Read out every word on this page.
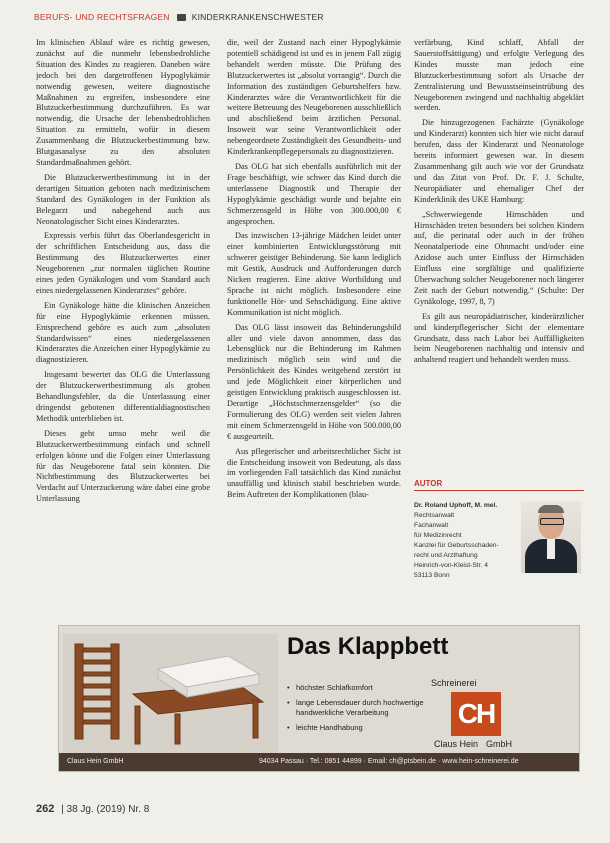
BERUFS- UND RECHTSFRAGEN	KINDERKRANKENSCHWESTER

Im klinischen Ablauf wäre es richtig gewesen, zunächst auf die nunmehr lebensbedrohliche Situation des Kindes zu reagieren. Daneben wäre jedoch bei den dargetroffenen Hypoglykämie notwendig gewesen, weitere diagnostische Maßnahmen zu ergreifen, insbesondere eine Blutzuckerbestimmung durchzuführen. Es war notwendig, die Ursache der lebensbedrohlichen Situation zu ermitteln, wofür in diesem Zusammenhang die Blutzuckerbestimmung bzw. Blutgasanalyse zu den absoluten Standardmaßnahmen gehört.

Die Blutzuckerwertbestimmung ist in der derartigen Situation geboten nach medizinischem Standard des Gynäkologen in der Funktion als Belegarzt und nahegehend auch aus Neonatologischer Sicht eines Kinderarztes.

Expressis verbis führt das Oberlandesgericht in der schriftlichen Entscheidung aus, dass die Bestimmung des Blutzuckerwertes einer Neugeborenen „zur normalen täglichen Routine eines jeden Gynäkologen und vom Standard auch eines niedergelassenen Kinderarztes“ gehöre.

Ein Gynäkologe hätte die klinischen Anzeichen für eine Hypoglykämie erkennen müssen. Entsprechend gehöre es auch zum „absoluten Standardwissen“ eines niedergelassenen Kinderarztes die Anzeichen einer Hypoglykämie zu diagnostizieren.

Insgesamt bewertet das OLG die Unterlassung der Blutzuckerwertbestimmung als groben Behandlungsfehler, da die Unterlassung einer dringendst gebotenen differentialdiagnostischen Methodik unterblieben ist.

Dieses geht umso mehr weil die Blutzuckerwertbestimmung einfach und schnell erfolgen könne und die Folgen einer Unterlassung für das Neugeborene fatal sein könnten. Die Nichtbestimmung des Blutzuckerwertes bei Verdacht auf Unterzuckerung wäre dabei eine grobe Unterlassung

die, weil der Zustand nach einer Hypoglykämie potentiell schädigend ist und es in jenem Fall zügig behandelt werden müsste. Die Prüfung des Blutzuckerwertes ist „absolut vorrangig“. Durch die Information des zuständigen Geburtshelfers bzw. Kinderarztes wäre die Verantwortlichkeit für die weitere Betreuung des Neugeborenen ausschließlich und abschließend beim ärztlichen Personal. Insoweit war seine Verantwortlichkeit oder nebengeordnete Zuständigkeit des Gesundheits- und Kinderkrankenpflegepersonals zu diagnostizieren.

Das OLG hat sich ebenfalls ausführlich mit der Frage beschäftigt, wie schwer das Kind durch die unterlassene Diagnostik und Therapie der Hypoglykämie geschädigt wurde und bejahte ein Schmerzensgeld in Höhe von 300.000,00 € angesprochen.

Das inzwischen 13-jährige Mädchen leidet unter einer kombinierten Entwicklungsstörung mit schwerer geistiger Behinderung. Sie kann lediglich mit Gestik, Ausdruck und Aufforderungen durch Nicken reagieren. Eine aktive Wortbildung und Sprache ist nicht möglich. Insbesondere eine funktionelle Hör- und Sehschädigung. Eine aktive Kommunikation ist nicht möglich.

Das OLG lässt insoweit das Behinderungsbild aller und viele davon annommen, dass das Lebensglück nur die Behinderung im Rahmen medizinisch möglich sein wird und die Persönlichkeit des Kindes weitgehend zerstört ist und jede Möglichkeit einer körperlichen und geistigen Entwicklung praktisch ausgeschlossen ist. Derartige „Höchstschmerzensgelder“ (so die Formulierung des OLG) werden seit vielen Jahren mit einem Schmerzensgeld in Höhe von 500.000,00 € ausgeurteilt.

Aus pflegerischer und arbeitsrechtlicher Sicht ist die Entscheidung insoweit von Bedeutung, als dass im vorliegenden Fall tatsächlich das Kind zunächst unauffällig und klinisch stabil beschrieben wurde. Beim Auftreten der Komplikationen (blau-

verfärbung, Kind schlaff, Abfall der Sauerstoffsättigung) und erfolgte Verlegung des Kindes musste man jedoch eine Blutzuckerbestimmung sofort als Ursache der Zentralisierung und Bewusstseinseintrübung des Neugeborenen zwingend und nachhaltig abgeklärt werden.

Die hinzugezogenen Fachärzte (Gynäkologe und Kinderarzt) konnten sich hier wie nicht darauf berufen, dass der Kinderarzt und Neonatologe bereits informiert gewesen war. In diesem Zusammenhang gilt auch wie vor der Grundsatz und das Zitat von Prof. Dr. F. J. Schulte, Neuropädiater und ehemaliger Chef der Kinderklinik des UKE Hamburg:

„Schwerwiegende Hirnschäden und Hirnschäden treten besonders bei solchen Kindern auf, die perinatal oder auch in der frühen Neonatalperiode eine Ohnmacht und/oder eine Azidose auch unter Einfluss der Hirnschäden Einfluss eine sorgfältige und qualifizierte Überwachung solcher Neugeborener noch längerer Zeit nach der Geburt notwendig.“ (Schulte: Der Gynäkologe, 1997, 8, 7)

Es gilt aus neuropädiatrischer, kinderärztlicher und kinderpflegerischer Sicht der elementare Grundsatz, dass nach Labor bei Auffälligkeiten beim Neugeborenen nachhaltig und intensiv und anhaltend reagiert und behandelt werden muss.

AUTOR
Dr. Roland Uphoff, M. mel.
Rechtsanwalt
Fachanwalt
für Medizinrecht
Kanzlei für Geburtsschaden-
recht und Arzthaftung
Heinrich-von-Kleist-Str. 4
53113 Bonn
Das Klappbett
• höchster Schlafkomfort
• lange Lebensdauer durch hochwertige handwerkliche Verarbeitung
• leichte Handhabung
Schreinerei
CH
Claus Hein GmbH
Claus Hein GmbH	94034 Passau · Tel.: 0851 44899 · Email: ch@ptsbein.de · www.hein-schreinerei.de
262 | 38 Jg. (2019) Nr. 8
